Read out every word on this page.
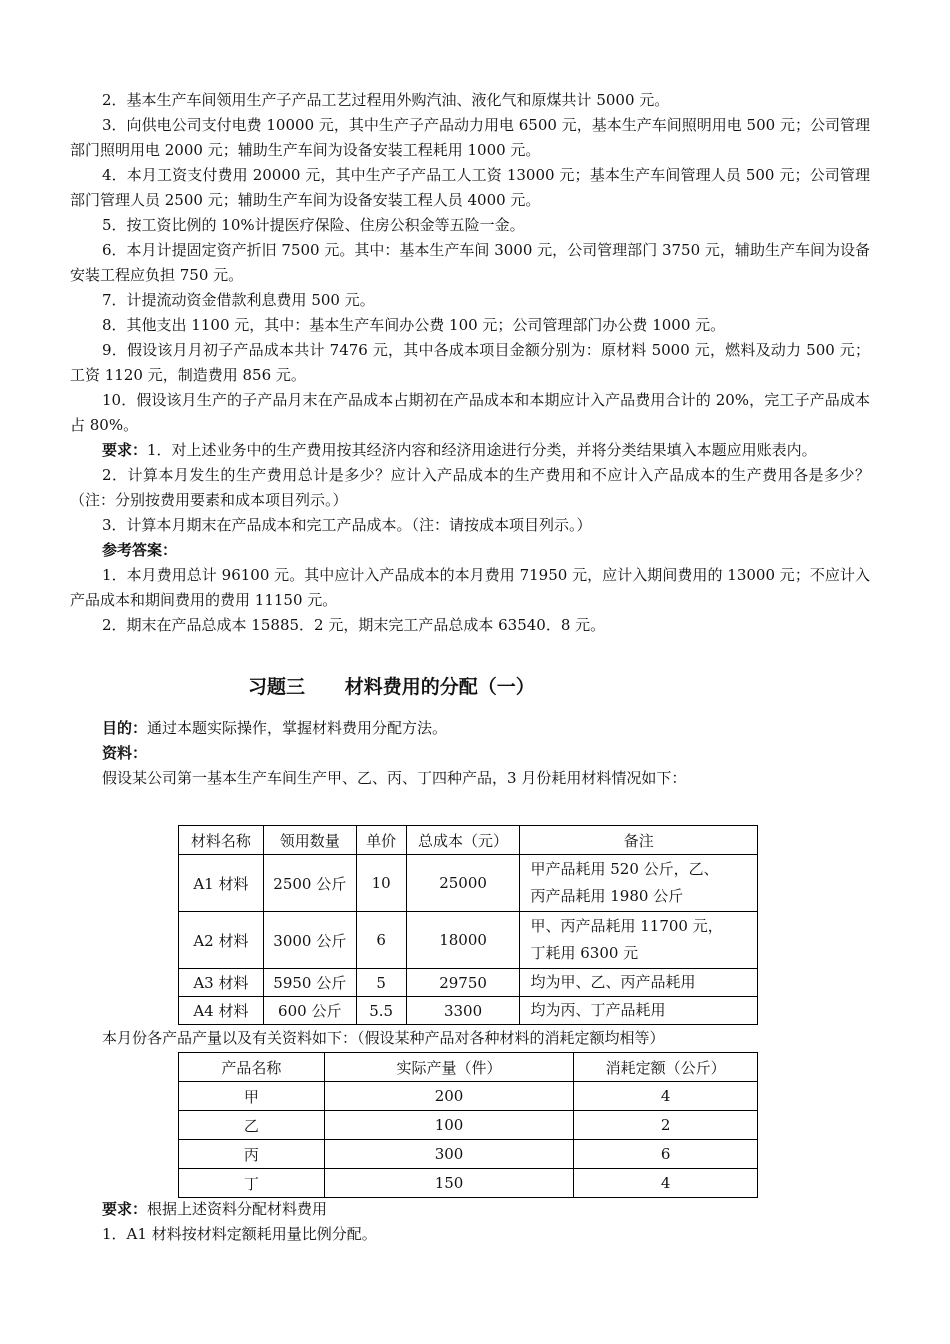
2．基本生产车间领用生产子产品工艺过程用外购汽油、液化气和原煤共计 5000 元。

3．向供电公司支付电费 10000 元，其中生产子产品动力用电 6500 元，基本生产车间照明用电 500 元；公司管理部门照明用电 2000 元；辅助生产车间为设备安装工程耗用 1000 元。

4．本月工资支付费用 20000 元，其中生产子产品工人工资 13000 元；基本生产车间管理人员 500 元；公司管理部门管理人员 2500 元；辅助生产车间为设备安装工程人员 4000 元。

5．按工资比例的 10%计提医疗保险、住房公积金等五险一金。

6．本月计提固定资产折旧 7500 元。其中：基本生产车间 3000 元，公司管理部门 3750 元，辅助生产车间为设备安装工程应负担 750 元。

7．计提流动资金借款利息费用 500 元。

8．其他支出 1100 元，其中：基本生产车间办公费 100 元；公司管理部门办公费 1000 元。

9．假设该月月初子产品成本共计 7476 元，其中各成本项目金额分别为：原材料 5000 元，燃料及动力 500 元；工资 1120 元，制造费用 856 元。

10．假设该月生产的子产品月末在产品成本占期初在产品成本和本期应计入产品费用合计的 20%，完工子产品成本占 80%。

要求：1．对上述业务中的生产费用按其经济内容和经济用途进行分类，并将分类结果填入本题应用账表内。

2．计算本月发生的生产费用总计是多少？应计入产品成本的生产费用和不应计入产品成本的生产费用各是多少？（注：分别按费用要素和成本项目列示。）

3．计算本月期末在产品成本和完工产品成本。（注：请按成本项目列示。）

参考答案：

1．本月费用总计 96100 元。其中应计入产品成本的本月费用 71950 元，应计入期间费用的 13000 元；不应计入产品成本和期间费用的费用 11150 元。

2．期末在产品总成本 15885．2 元，期末完工产品总成本 63540．8 元。

习题三      材料费用的分配（一）

目的：通过本题实际操作，掌握材料费用分配方法。

资料：

假设某公司第一基本生产车间生产甲、乙、丙、丁四种产品，3 月份耗用材料情况如下：

材料名称	领用数量	单价	总成本（元）	备注
A1 材料	2500 公斤	10	25000	甲产品耗用 520 公斤，乙、
丙产品耗用 1980 公斤

A2 材料	3000 公斤	6	18000	甲、丙产品耗用 11700 元，
丁耗用 6300 元

A3 材料	5950 公斤	5	29750	均为甲、乙、丙产品耗用

A4 材料	600 公斤	5.5	3300	均为丙、丁产品耗用

本月份各产品产量以及有关资料如下：（假设某种产品对各种材料的消耗定额均相等）

产品名称	实际产量（件）	消耗定额（公斤）
甲	200	4
乙	100	2
丙	300	6
丁	150	4

要求：根据上述资料分配材料费用

1．A1 材料按材料定额耗用量比例分配。
